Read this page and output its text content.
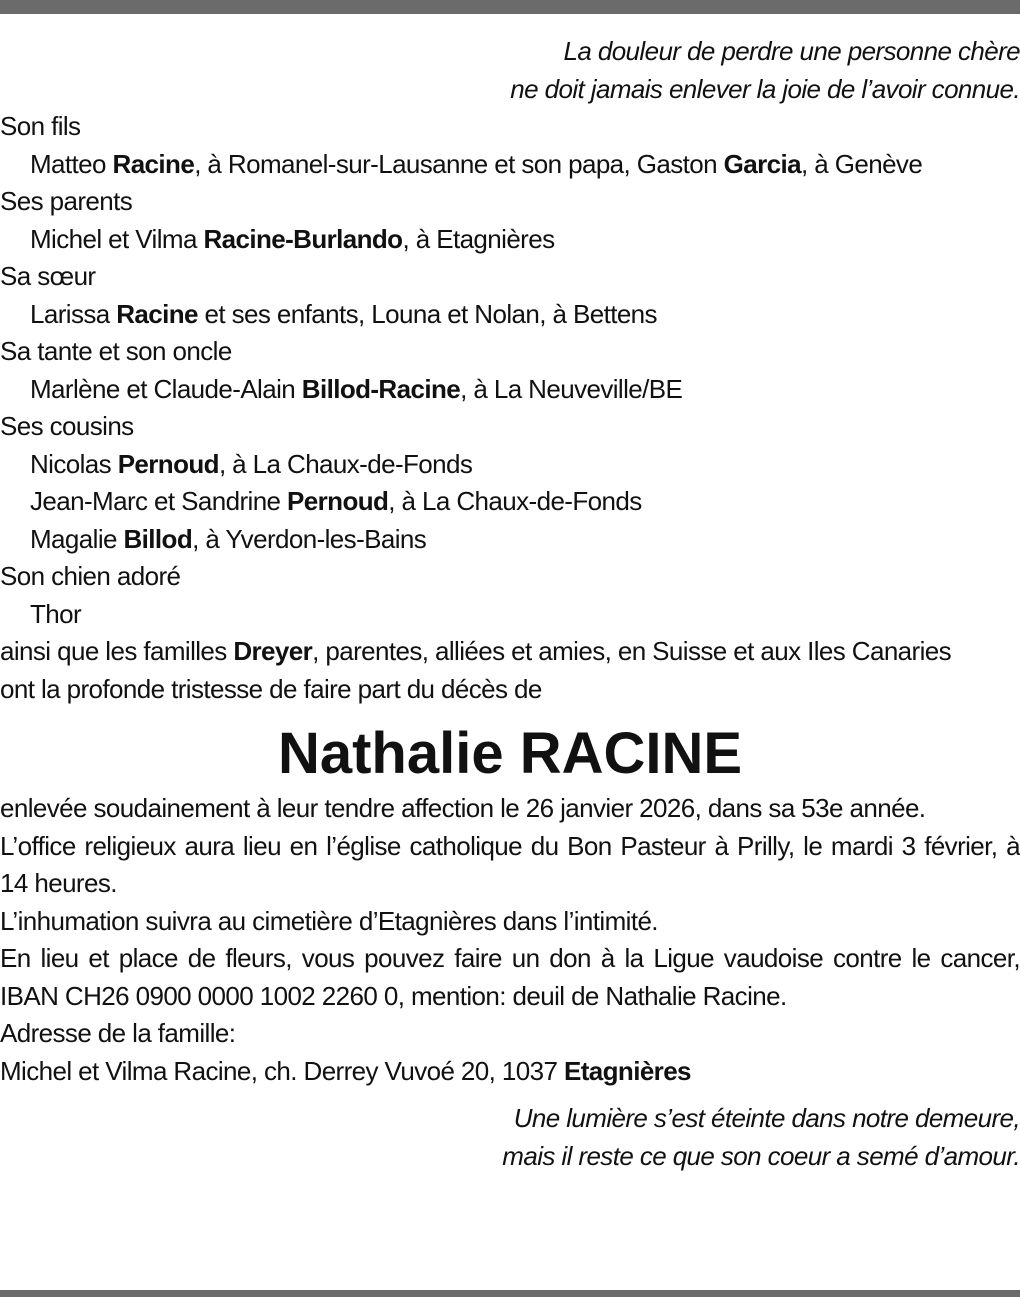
La douleur de perdre une personne chère
ne doit jamais enlever la joie de l’avoir connue.
Son fils
Matteo Racine, à Romanel-sur-Lausanne et son papa, Gaston Garcia, à Genève
Ses parents
Michel et Vilma Racine-Burlando, à Etagnières
Sa sœur
Larissa Racine et ses enfants, Louna et Nolan, à Bettens
Sa tante et son oncle
Marlène et Claude-Alain Billod-Racine, à La Neuveville/BE
Ses cousins
Nicolas Pernoud, à La Chaux-de-Fonds
Jean-Marc et Sandrine Pernoud, à La Chaux-de-Fonds
Magalie Billod, à Yverdon-les-Bains
Son chien adoré
Thor
ainsi que les familles Dreyer, parentes, alliées et amies, en Suisse et aux Iles Canaries
ont la profonde tristesse de faire part du décès de
Nathalie RACINE
enlevée soudainement à leur tendre affection le 26 janvier 2026, dans sa 53e année.
L’office religieux aura lieu en l’église catholique du Bon Pasteur à Prilly, le mardi 3 février, à 14 heures.
L’inhumation suivra au cimetière d’Etagnières dans l’intimité.
En lieu et place de fleurs, vous pouvez faire un don à la Ligue vaudoise contre le cancer, IBAN CH26 0900 0000 1002 2260 0, mention: deuil de Nathalie Racine.
Adresse de la famille:
Michel et Vilma Racine, ch. Derrey Vuvoé 20, 1037 Etagnières
Une lumière s’est éteinte dans notre demeure,
mais il reste ce que son coeur a semé d’amour.
